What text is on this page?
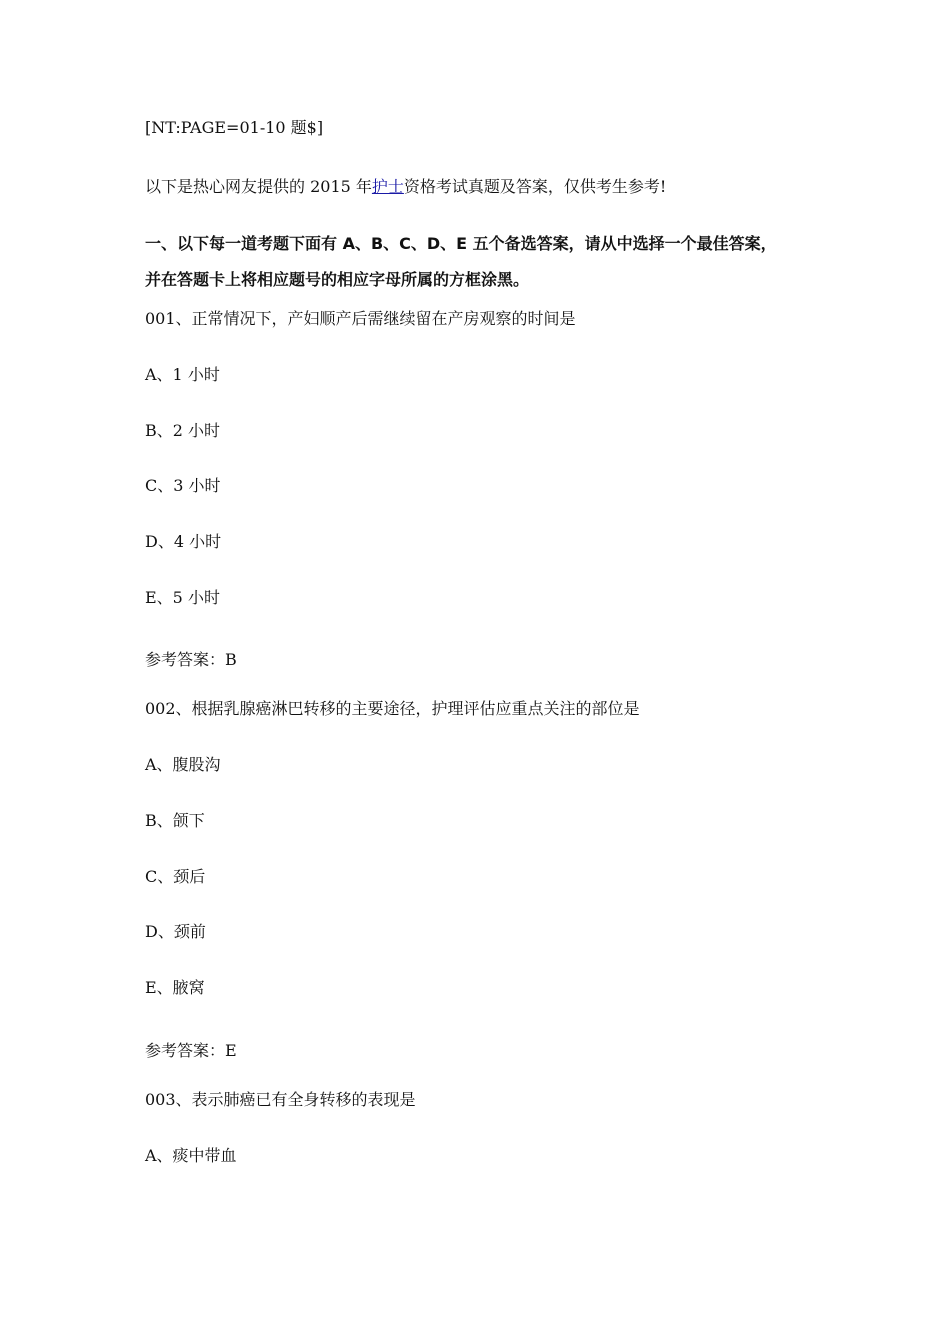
[NT:PAGE=01-10 题$]
以下是热心网友提供的 2015 年护士资格考试真题及答案，仅供考生参考!
一、以下每一道考题下面有 A、B、C、D、E 五个备选答案，请从中选择一个最佳答案，
并在答题卡上将相应题号的相应字母所属的方框涂黑。
001、正常情况下，产妇顺产后需继续留在产房观察的时间是
A、1 小时
B、2 小时
C、3 小时
D、4 小时
E、5 小时
参考答案：B
002、根据乳腺癌淋巴转移的主要途径，护理评估应重点关注的部位是
A、腹股沟
B、颌下
C、颈后
D、颈前
E、腋窝
参考答案：E
003、表示肺癌已有全身转移的表现是
A、痰中带血
